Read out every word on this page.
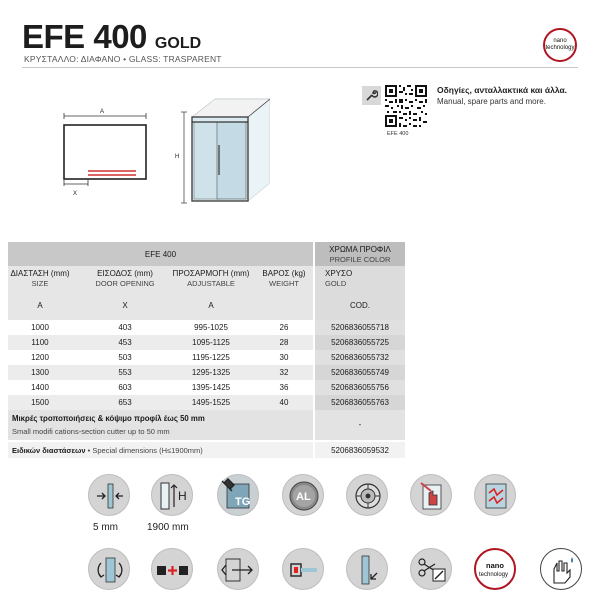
EFE 400 GOLD
ΚΡΥΣΤΑΛΛΟ: ΔΙΑΦΑΝΟ • GLASS: TRASPARENT
nano
technology
EFE 400
Οδηγίες, ανταλλακτικά και άλλα.
Manual, spare parts and more.
A
X
H
EFE 400
ΧΡΩΜΑ ΠΡΟΦΙΛ
PROFILE COLOR
ΔΙΑΣΤΑΣΗ (mm)
SIZE
A
ΕΙΣΟΔΟΣ (mm)
DOOR OPENING
X
ΠΡΟΣΑΡΜΟΓΗ (mm)
ADJUSTABLE
A
ΒΑΡΟΣ (kg)
WEIGHT
ΧΡΥΣΟ
GOLD
COD.
1000	403	995-1025	26	5206836055718
1100	453	1095-1125	28	5206836055725
1200	503	1195-1225	30	5206836055732
1300	553	1295-1325	32	5206836055749
1400	603	1395-1425	36	5206836055756
1500	653	1495-1525	40	5206836055763
Μικρές τροποποιήσεις & κόψιμο προφίλ έως 50 mm
Small modifi cations-section cutter up to 50 mm
-
Ειδικών διαστάσεων • Special dimensions (H≤1900mm)	5206836059532
5 mm
H
1900 mm
TG	AL
nano
technology
